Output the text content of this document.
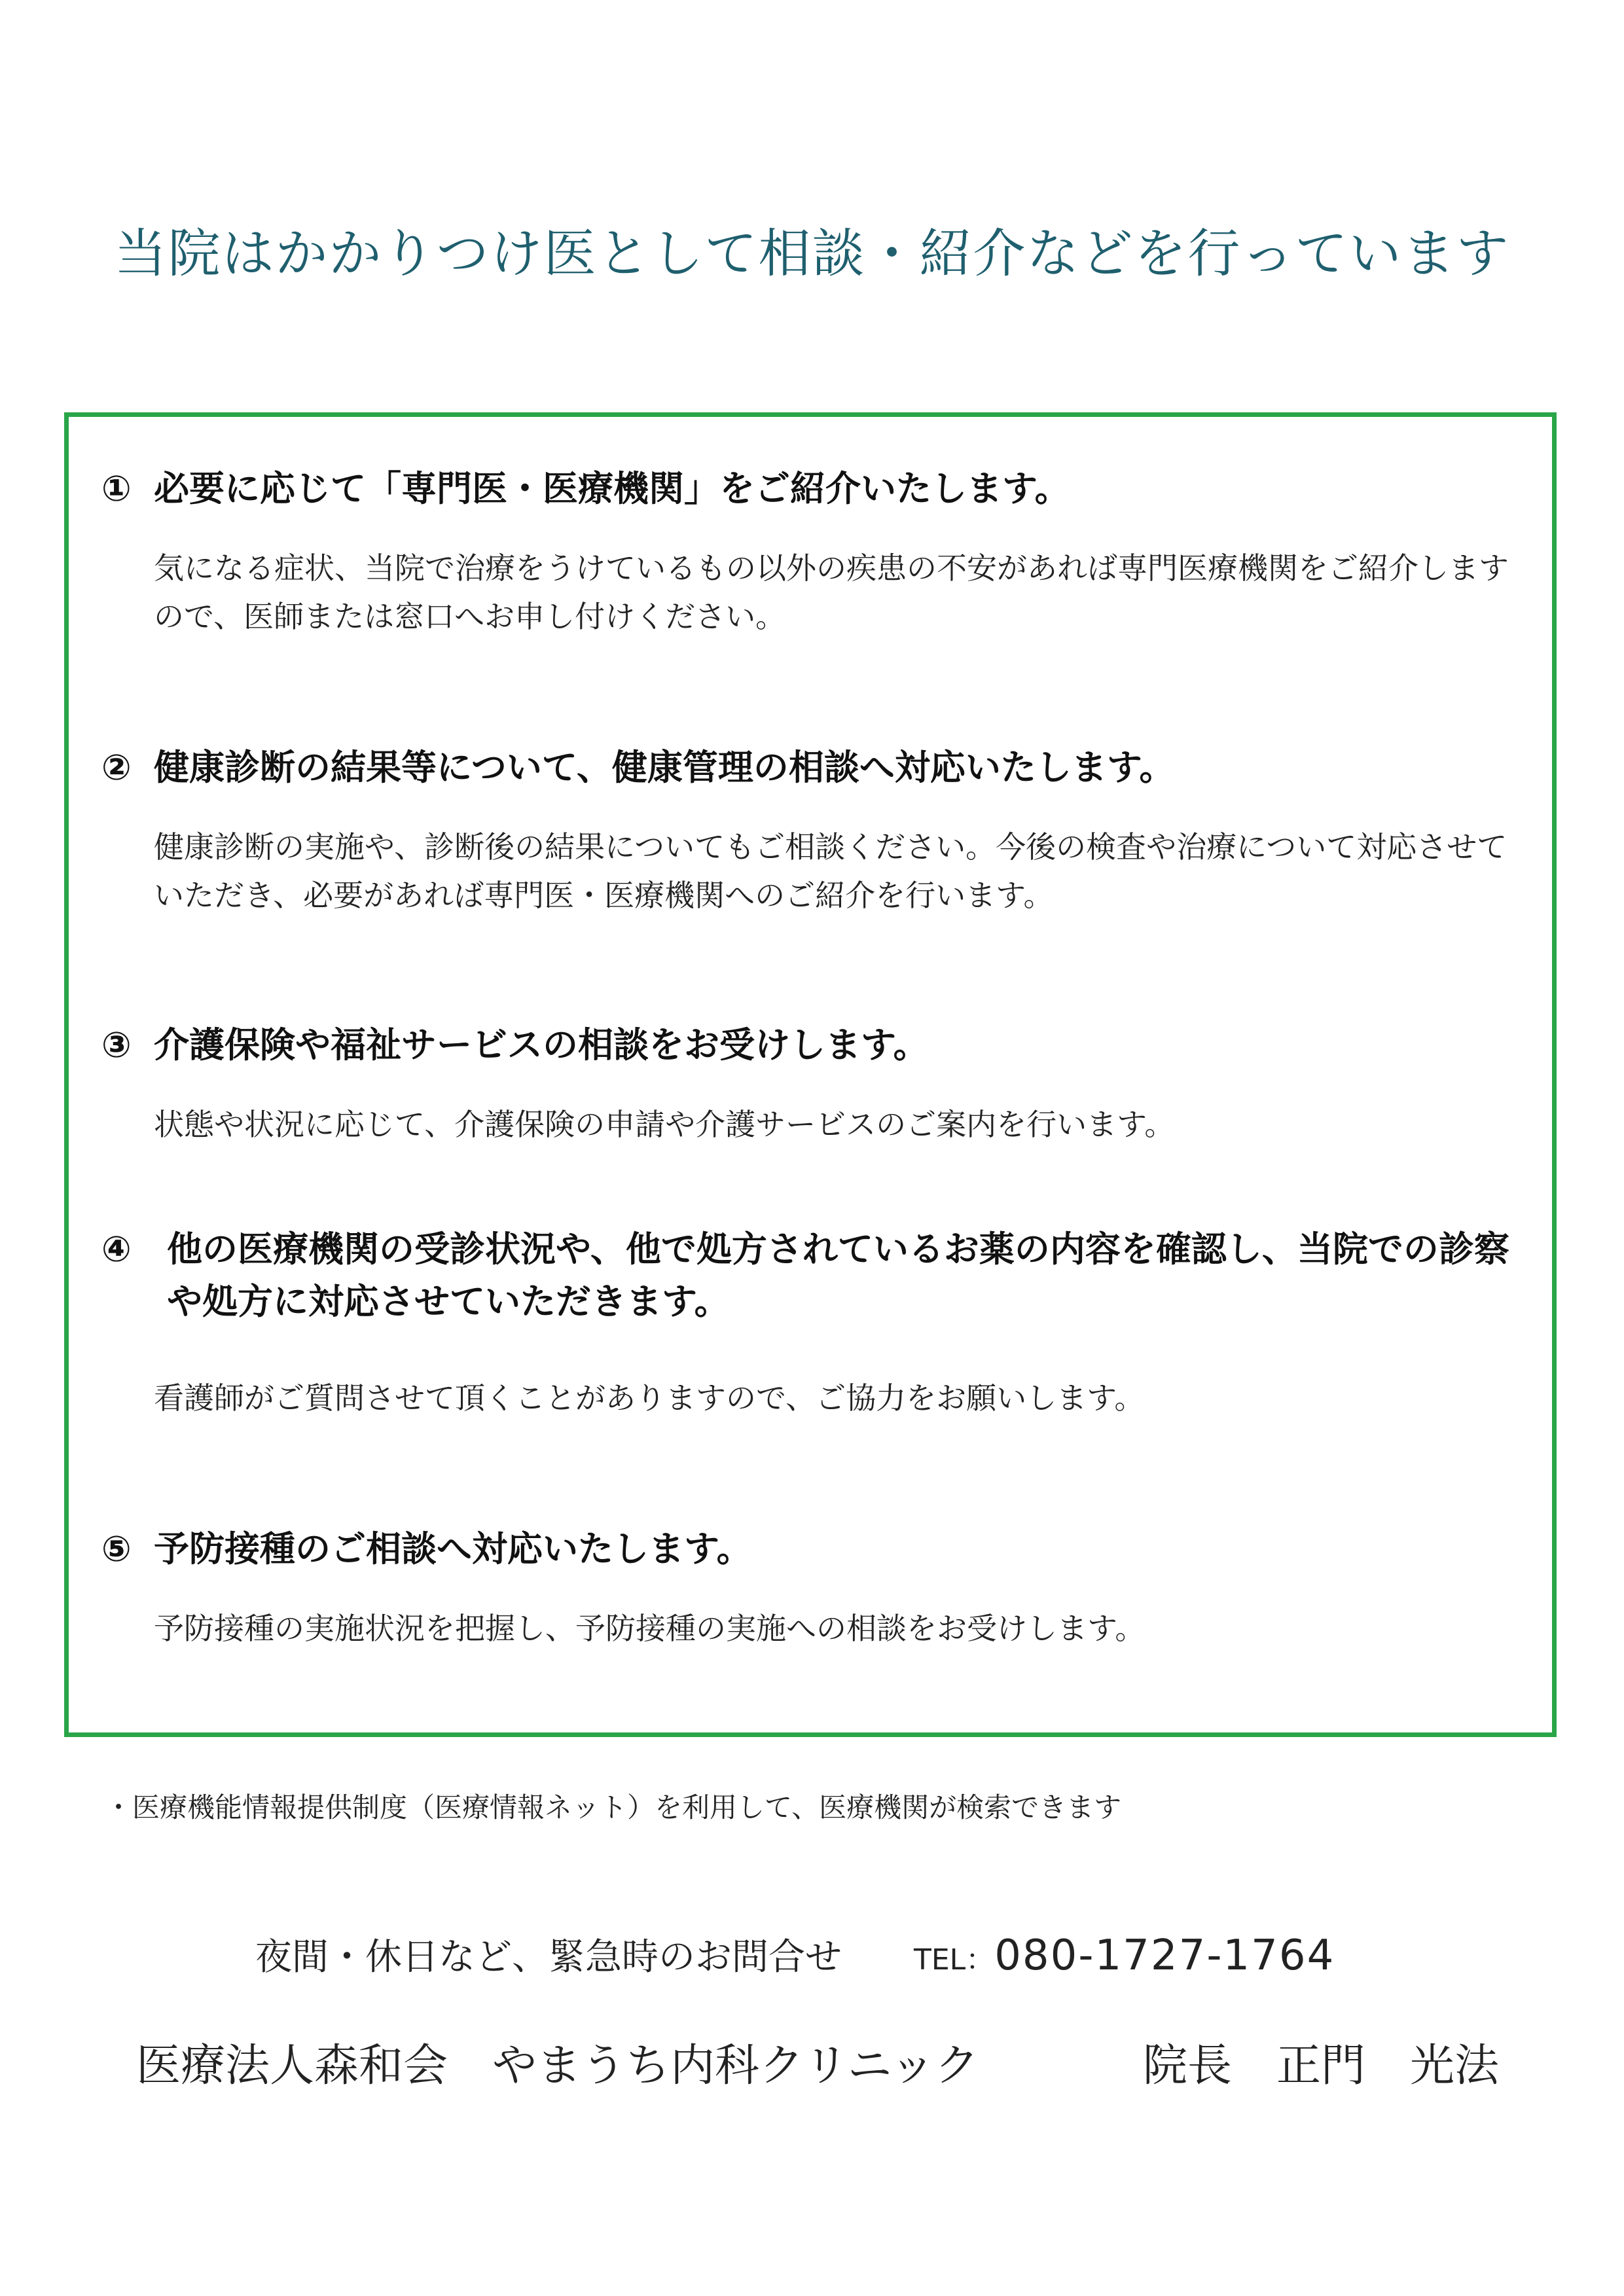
当院はかかりつけ医として相談・紹介などを行っています
① 必要に応じて「専門医・医療機関」をご紹介いたします。
気になる症状、当院で治療をうけているもの以外の疾患の不安があれば専門医療機関をご紹介しますので、医師または窓口へお申し付けください。
② 健康診断の結果等について、健康管理の相談へ対応いたします。
健康診断の実施や、診断後の結果についてもご相談ください。今後の検査や治療について対応させていただき、必要があれば専門医・医療機関へのご紹介を行います。
③ 介護保険や福祉サービスの相談をお受けします。
状態や状況に応じて、介護保険の申請や介護サービスのご案内を行います。
④	他の医療機関の受診状況や、他で処方されているお薬の内容を確認し、当院での診察や処方に対応させていただきます。
看護師がご質問させて頂くことがありますので、ご協力をお願いします。
⑤ 予防接種のご相談へ対応いたします。
予防接種の実施状況を把握し、予防接種の実施への相談をお受けします。
・医療機能情報提供制度（医療情報ネット）を利用して、医療機関が検索できます
夜間・休日など、緊急時のお問合せ	TEL：080-1727-1764
医療法人森和会　やまうち内科クリニック	院長　正門　光法
